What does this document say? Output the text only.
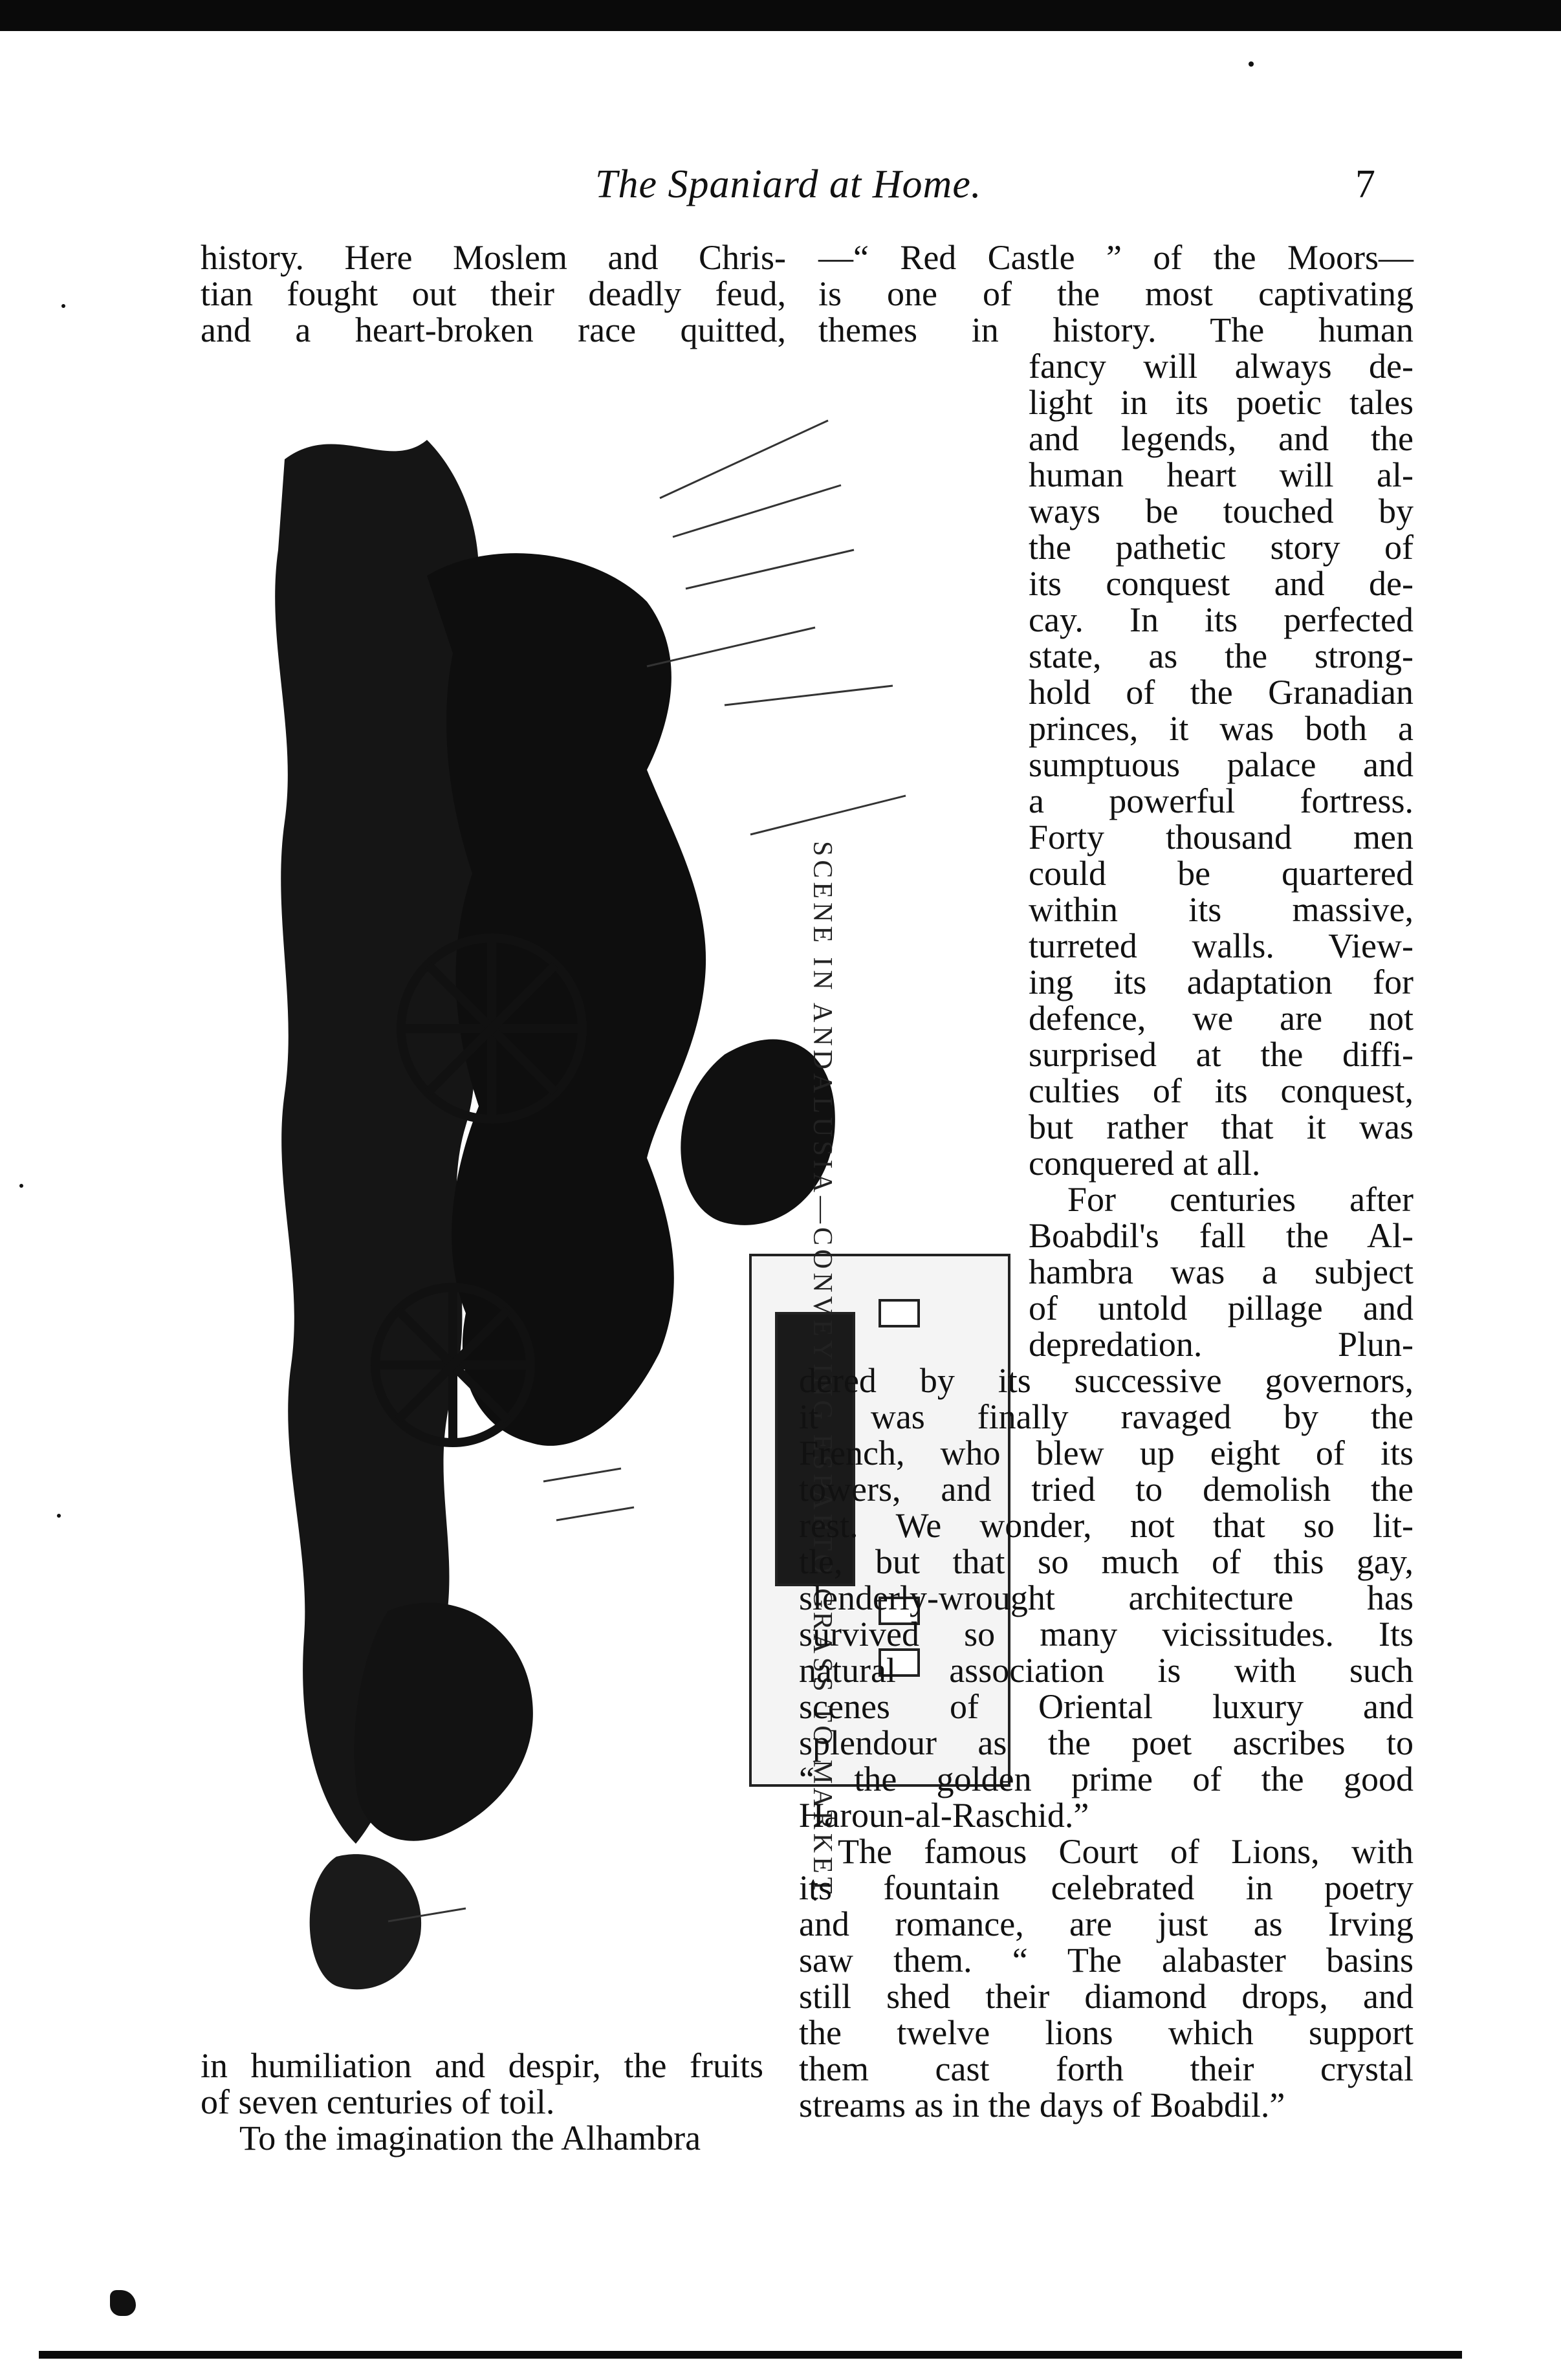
The Spaniard at Home.	7
history. Here Moslem and Chris-
tian fought out their deadly feud,
and a heart-broken race quitted,
—“ Red Castle ” of the Moors—
is one of the most captivating
themes in history. The human
SCENE IN ANDALUSIA—CONVEYING ESPARTO GRASS TO MARKET.
fancy will always de-
light in its poetic tales
and legends, and the
human heart will al-
ways be touched by
the pathetic story of
its conquest and de-
cay. In its perfected
state, as the strong-
hold of the Granadian
princes, it was both a
sumptuous palace and
a powerful fortress.
Forty thousand men
could be quartered
within its massive,
turreted walls. View-
ing its adaptation for
defence, we are not
surprised at the diffi-
culties of its conquest,
but rather that it was
conquered at all.
For centuries after
Boabdil's fall the Al-
hambra was a subject
of untold pillage and
depredation. Plun-
dered by its successive governors,
it was finally ravaged by the
French, who blew up eight of its
towers, and tried to demolish the
rest. We wonder, not that so lit-
tle, but that so much of this gay,
slenderly-wrought architecture has
survived so many vicissitudes. Its
natural association is with such
scenes of Oriental luxury and
splendour as the poet ascribes to
“ the golden prime of the good
Haroun-al-Raschid.”
The famous Court of Lions, with
its fountain celebrated in poetry
and romance, are just as Irving
saw them. “ The alabaster basins
still shed their diamond drops, and
the twelve lions which support
them cast forth their crystal
streams as in the days of Boabdil.”
in humiliation and despir, the fruits
of seven centuries of toil.
To the imagination the Alhambra
